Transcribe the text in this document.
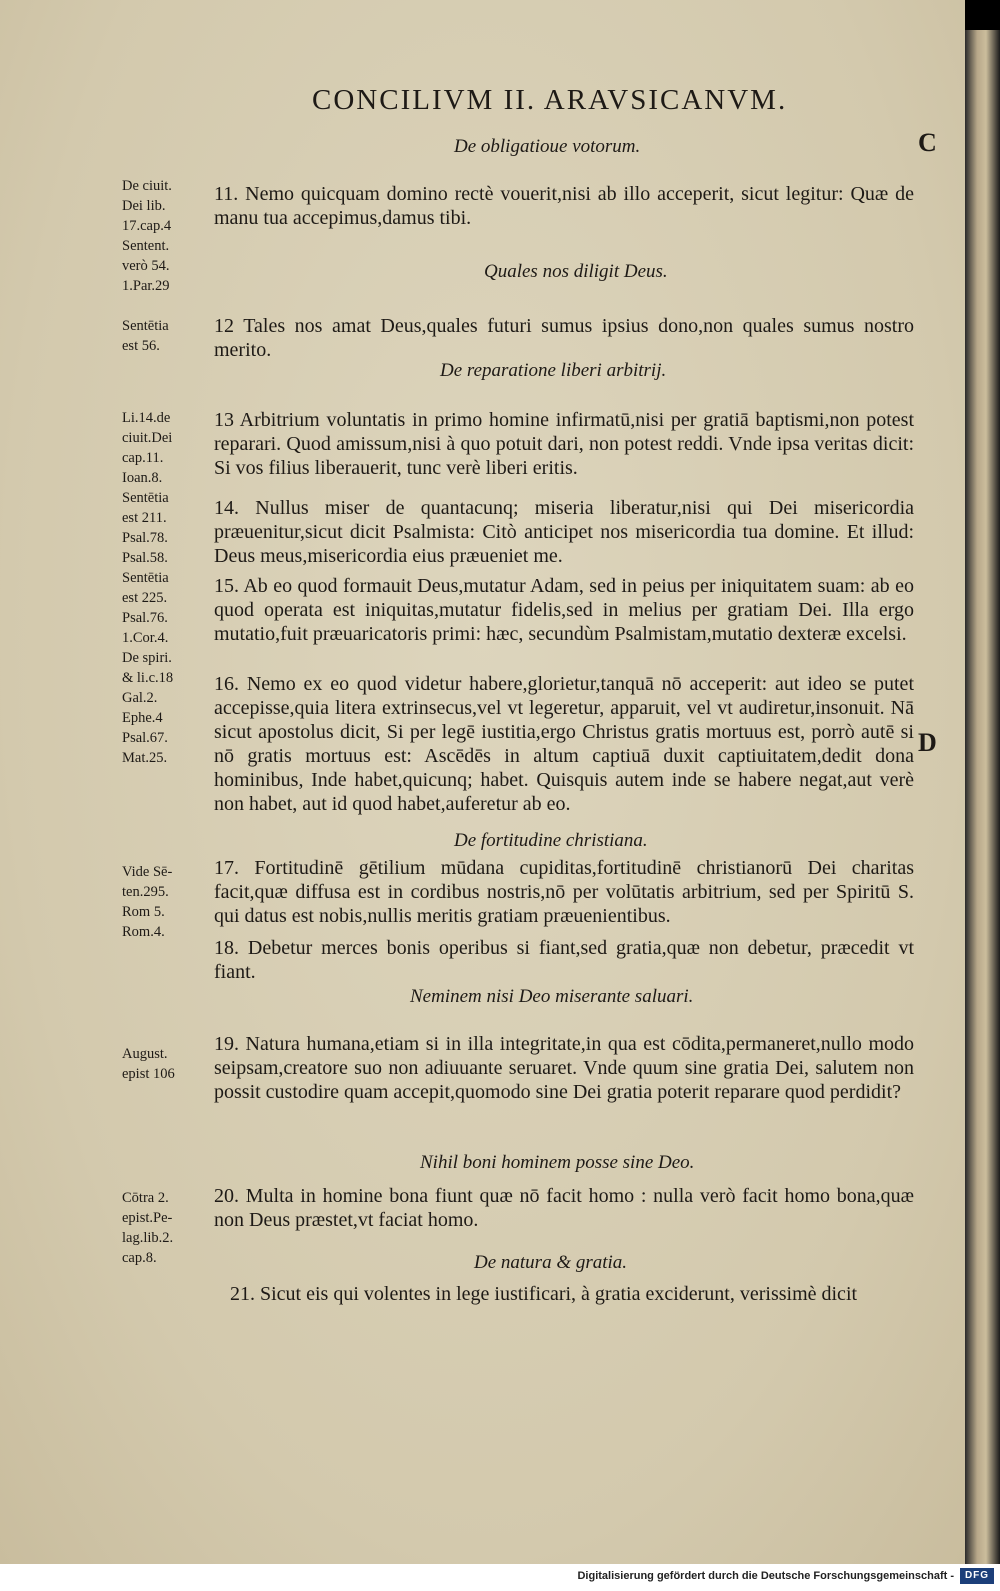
CONCILIVM II. ARAVSICANVM.
De obligatioue votorum.	C
De ciuit.
Dei lib.
17.cap.4
Sentent.
verò 54.
1.Par.29
11. Nemo quicquam domino rectè vouerit,nisi ab illo acceperit, sicut legitur: Quæ de manu tua accepimus,damus tibi.
Quales nos diligit Deus.
Sentētia
est 56.
12 Tales nos amat Deus,quales futuri sumus ipsius dono,non quales sumus nostro merito.
De reparatione liberi arbitrij.
Li.14.de
ciuit.Dei
cap.11.
Ioan.8.
Sentētia
est 211.
Psal.78.
Psal.58.
Sentētia
est 225.
Psal.76.
1.Cor.4.
De spiri.
& li.c.18
Gal.2.
Ephe.4
Psal.67.
Mat.25.
13 Arbitrium voluntatis in primo homine infirmatū,nisi per gratiā baptismi,non potest reparari. Quod amissum,nisi à quo potuit dari, non potest reddi. Vnde ipsa veritas dicit: Si vos filius liberauerit, tunc verè liberi eritis.
14. Nullus miser de quantacunq; miseria liberatur,nisi qui Dei misericordia præuenitur,sicut dicit Psalmista: Citò anticipet nos misericordia tua domine. Et illud: Deus meus,misericordia eius præueniet me.
15. Ab eo quod formauit Deus,mutatur Adam, sed in peius per iniquitatem suam: ab eo quod operata est iniquitas,mutatur fidelis,sed in melius per gratiam Dei. Illa ergo mutatio,fuit præuaricatoris primi: hæc, secundùm Psalmistam,mutatio dexteræ excelsi.
16. Nemo ex eo quod videtur habere,glorietur,tanquā nō acceperit: aut ideo se putet accepisse,quia litera extrinsecus,vel vt legeretur, apparuit, vel vt audiretur,insonuit. Nā sicut apostolus dicit, Si per legē iustitia,ergo Christus gratis mortuus est, porrò autē si nō gratis mortuus est: Ascēdēs in altum captiuā duxit captiuitatem,dedit dona hominibus, Inde habet,quicunq; habet. Quisquis autem inde se habere negat,aut verè non habet, aut id quod habet,auferetur ab eo.
D
De fortitudine christiana.
Vide Sē-
ten.295.
Rom 5.
Rom.4.
17. Fortitudinē gētilium mūdana cupiditas,fortitudinē christianorū Dei charitas facit,quæ diffusa est in cordibus nostris,nō per volūtatis arbitrium, sed per Spiritū S. qui datus est nobis,nullis meritis gratiam præuenientibus.
18. Debetur merces bonis operibus si fiant,sed gratia,quæ non debetur, præcedit vt fiant.
Neminem nisi Deo miserante saluari.
August.
epist 106
19. Natura humana,etiam si in illa integritate,in qua est cōdita,permaneret,nullo modo seipsam,creatore suo non adiuuante seruaret. Vnde quum sine gratia Dei, salutem non possit custodire quam accepit,quomodo sine Dei gratia poterit reparare quod perdidit?
Nihil boni hominem posse sine Deo.
Cōtra 2.
epist.Pe-
lag.lib.2.
cap.8.
20. Multa in homine bona fiunt quæ nō facit homo : nulla verò facit homo bona,quæ non Deus præstet,vt faciat homo.
De natura & gratia.
21. Sicut eis qui volentes in lege iustificari, à gratia exciderunt, verissimè dicit
Digitalisierung gefördert durch die Deutsche Forschungsgemeinschaft -	DFG
